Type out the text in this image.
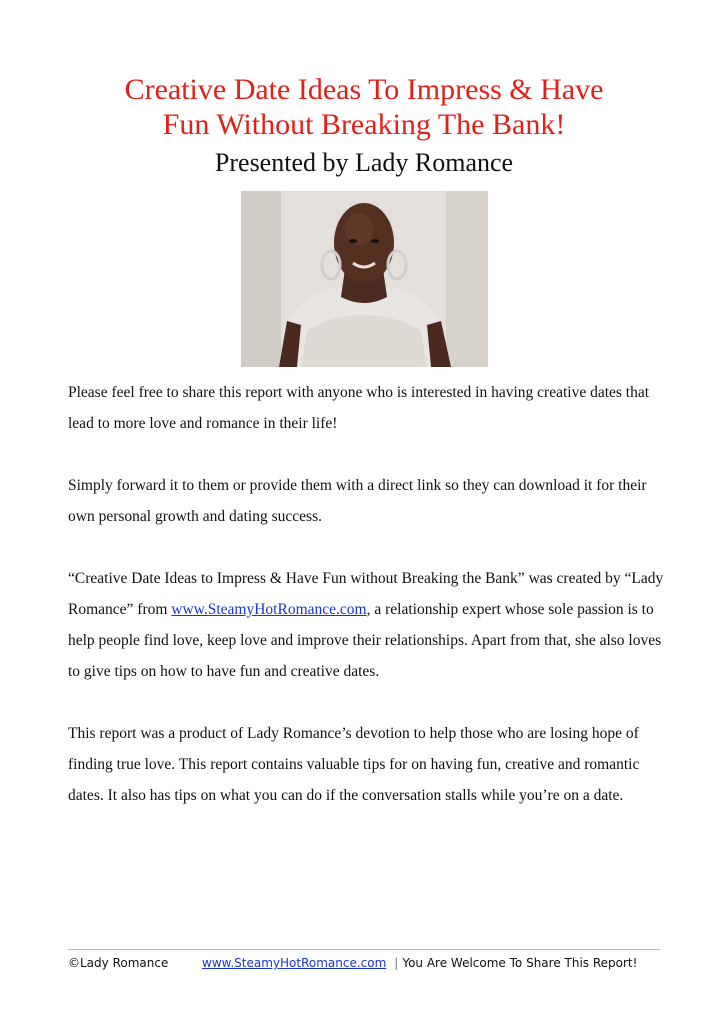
Creative Date Ideas To Impress & Have
Fun Without Breaking The Bank!
Presented by Lady Romance

Please feel free to share this report with anyone who is interested in having creative dates that lead to more love and romance in their life!

Simply forward it to them or provide them with a direct link so they can download it for their own personal growth and dating success.

“Creative Date Ideas to Impress & Have Fun without Breaking the Bank” was created by “Lady Romance” from www.SteamyHotRomance.com, a relationship expert whose sole passion is to help people find love, keep love and improve their relationships. Apart from that, she also loves to give tips on how to have fun and creative dates.

This report was a product of Lady Romance’s devotion to help those who are losing hope of finding true love. This report contains valuable tips for on having fun, creative and romantic dates. It also has tips on what you can do if the conversation stalls while you’re on a date.

©Lady Romance	www.SteamyHotRomance.com | You Are Welcome To Share This Report!
